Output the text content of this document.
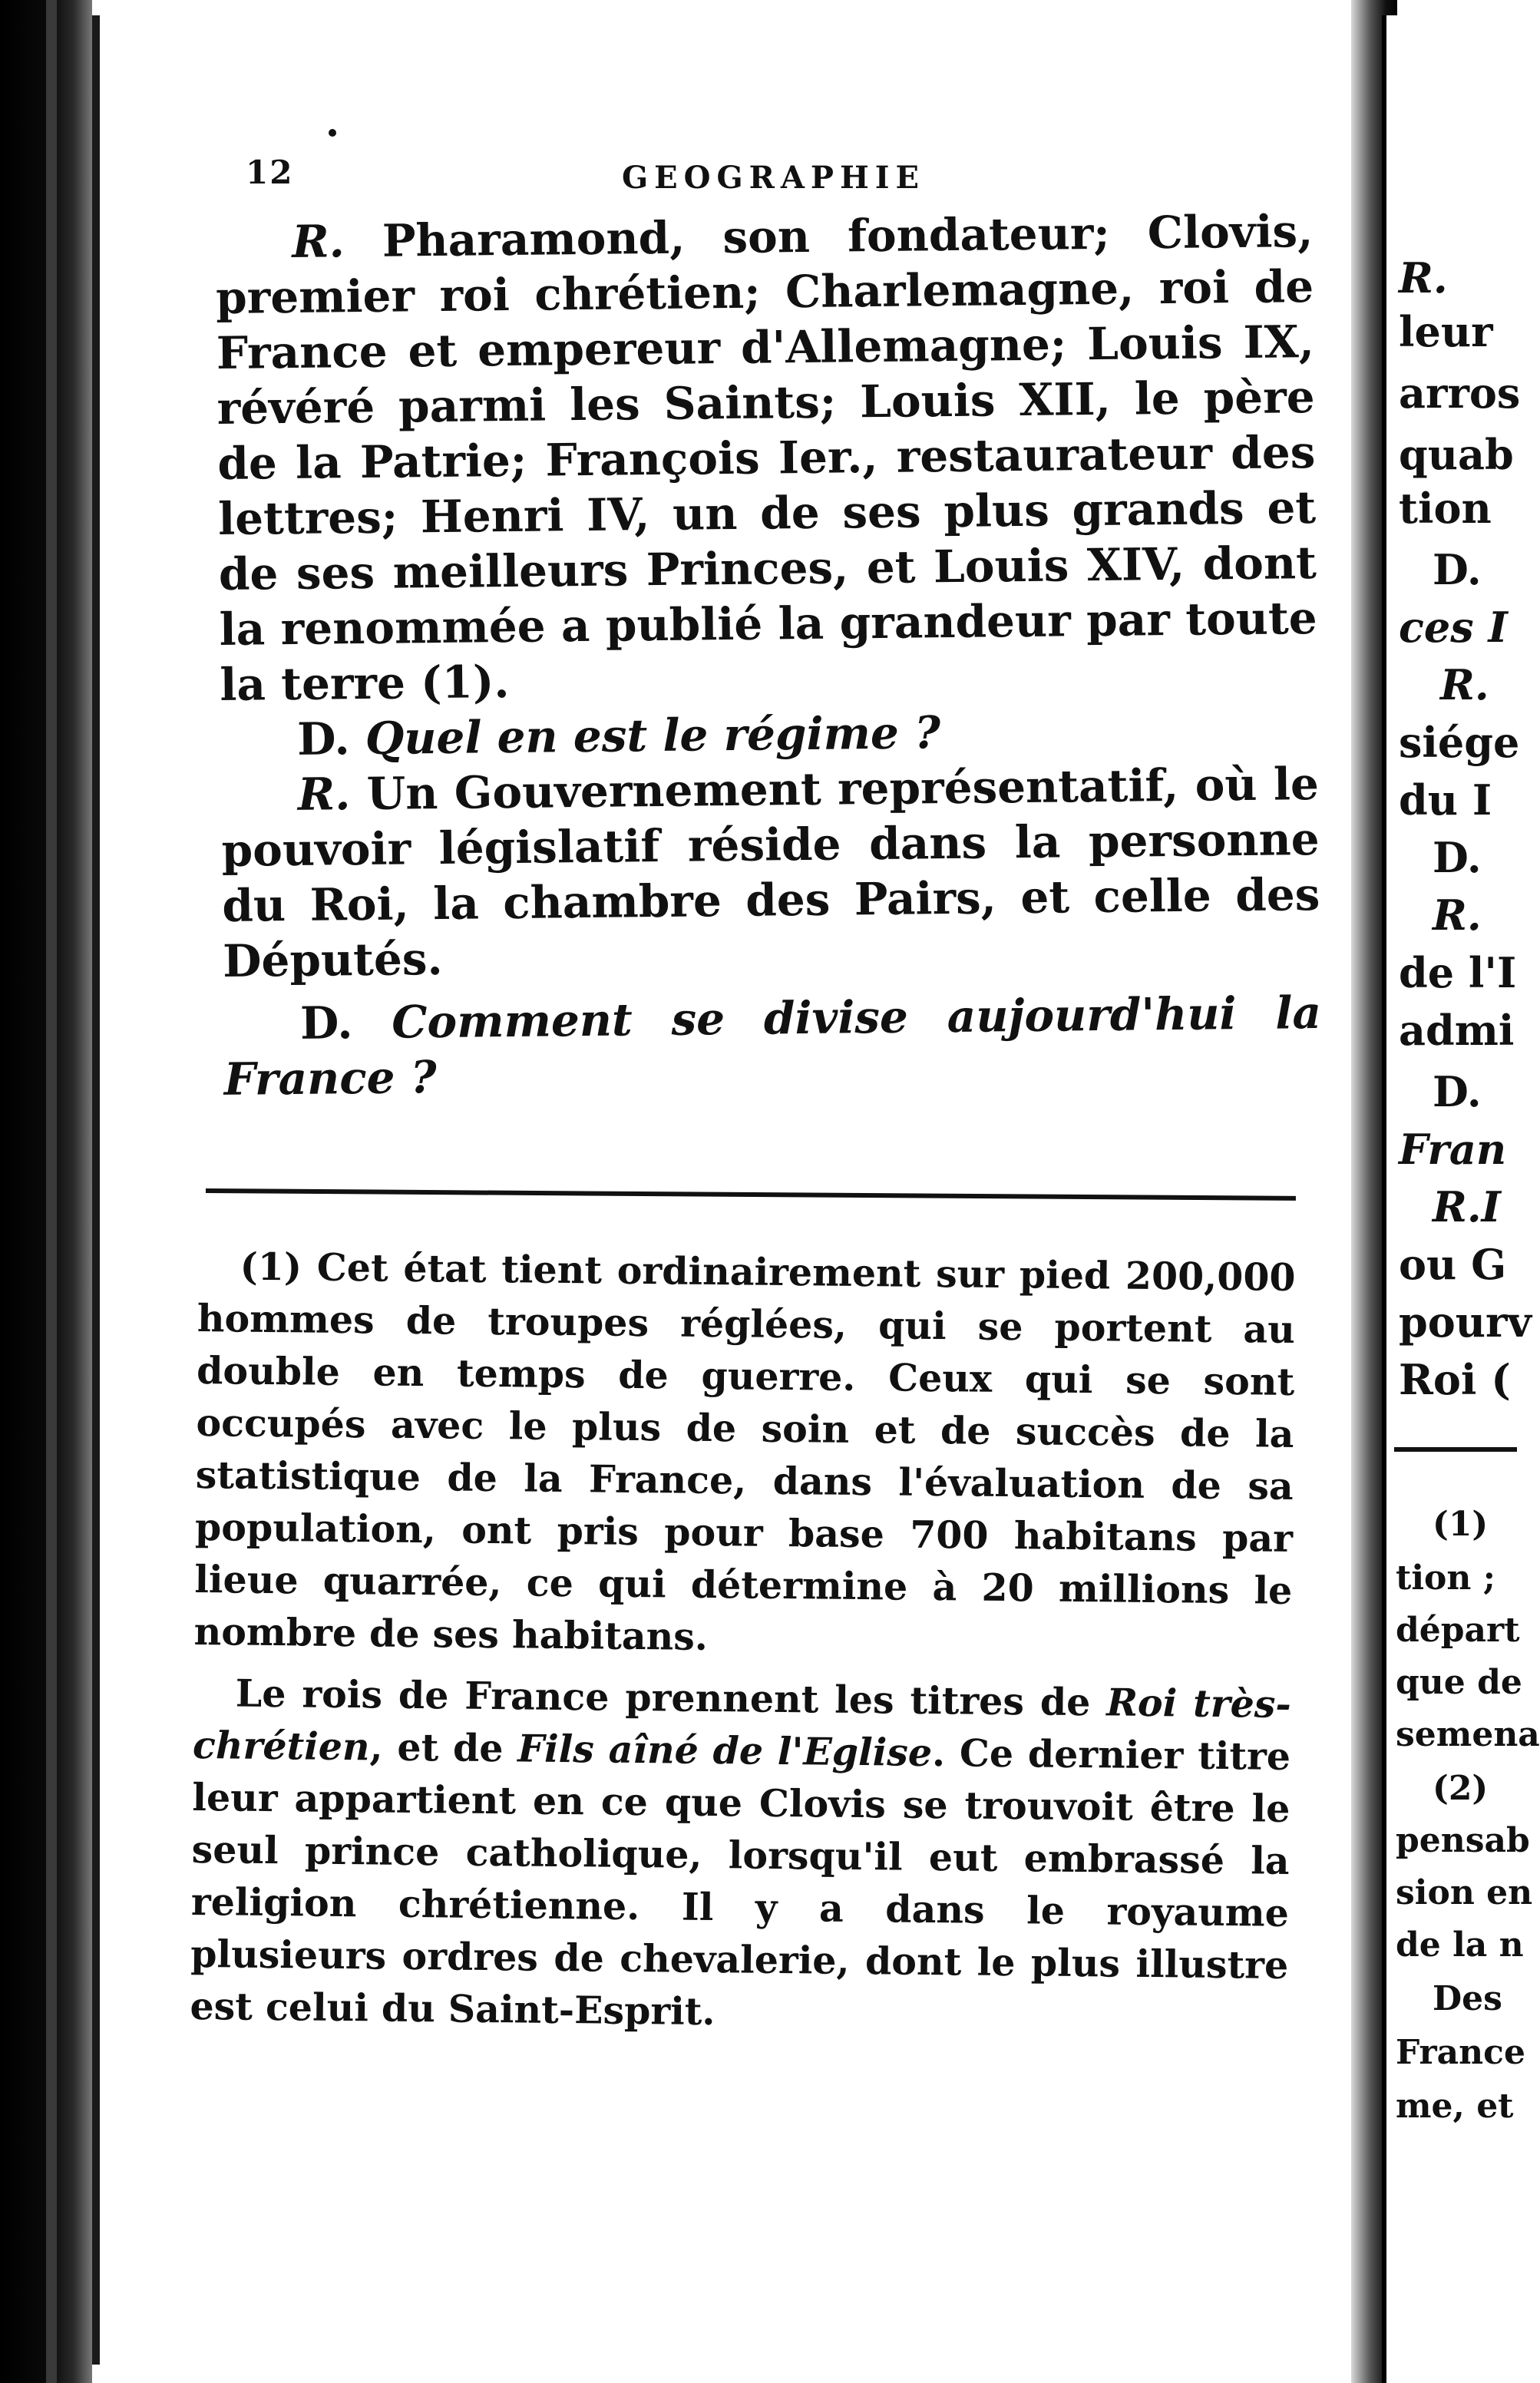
12	GEOGRAPHIE

R. Pharamond, son fondateur; Clovis, premier roi chrétien; Charlemagne, roi de France et empereur d'Allemagne; Louis IX, révéré parmi les Saints; Louis XII, le père de la Patrie; François Ier., restaurateur des lettres; Henri IV, un de ses plus grands et de ses meilleurs Princes, et Louis XIV, dont la renommée a publié la grandeur par toute la terre (1).

D. Quel en est le régime ?

R. Un Gouvernement représentatif, où le pouvoir législatif réside dans la personne du Roi, la chambre des Pairs, et celle des Députés.

D. Comment se divise aujourd'hui la France ?

(1) Cet état tient ordinairement sur pied 200,000 hommes de troupes réglées, qui se portent au double en temps de guerre. Ceux qui se sont occupés avec le plus de soin et de succès de la statistique de la France, dans l'évaluation de sa population, ont pris pour base 700 habitans par lieue quarrée, ce qui détermine à 20 millions le nombre de ses habitans.

Le rois de France prennent les titres de Roi très-chrétien, et de Fils aîné de l'Eglise. Ce dernier titre leur appartient en ce que Clovis se trouvoit être le seul prince catholique, lorsqu'il eut embrassé la religion chrétienne. Il y a dans le royaume plusieurs ordres de chevalerie, dont le plus illustre est celui du Saint-Esprit.

R.
leur
arros
quab
tion
D.
ces I
R.
siége
du I
D.
R.
de l'I
admi
D.
Fran
R.I
ou G
pourv
Roi (
(1)
tion ;
départ
que de
semena
(2)
pensab
sion en
de la n
Des
France
me, et
